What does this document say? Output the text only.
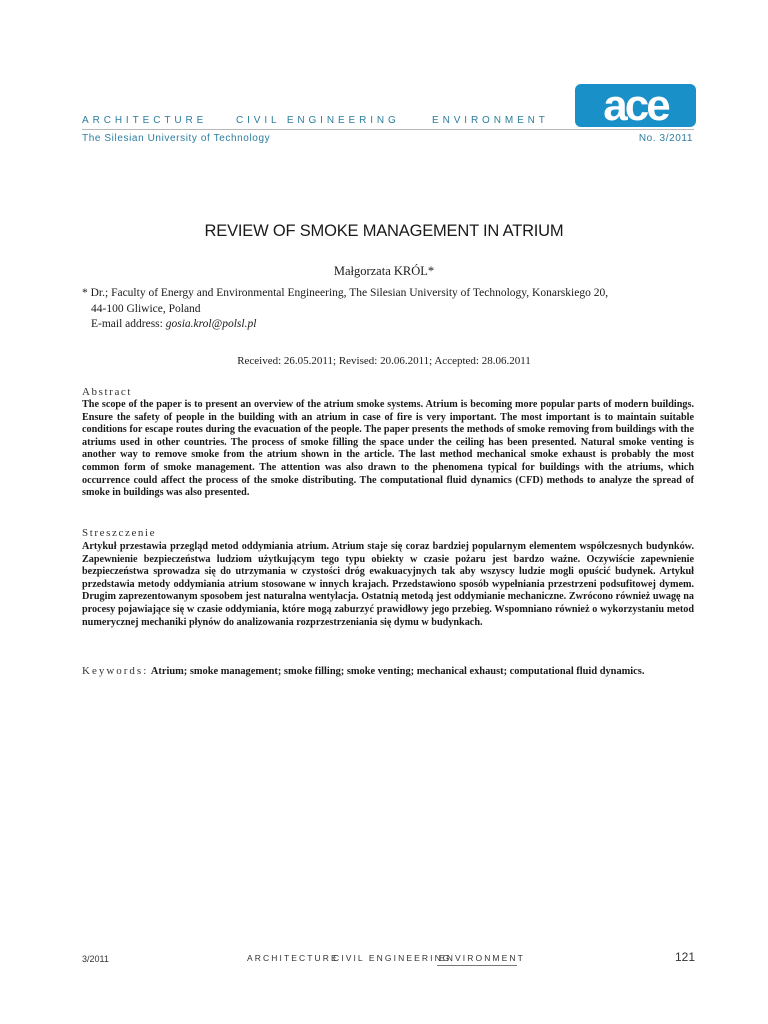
ARCHITECTURE	CIVIL ENGINEERING	ENVIRONMENT ace
The Silesian University of Technology	No. 3/2011
REVIEW OF SMOKE MANAGEMENT IN ATRIUM
Małgorzata KRÓL*
* Dr.; Faculty of Energy and Environmental Engineering, The Silesian University of Technology, Konarskiego 20,
44-100 Gliwice, Poland
E-mail address: gosia.krol@polsl.pl
Received: 26.05.2011; Revised: 20.06.2011; Accepted: 28.06.2011
Abstract
The scope of the paper is to present an overview of the atrium smoke systems. Atrium is becoming more popular parts of modern buildings. Ensure the safety of people in the building with an atrium in case of fire is very important. The most important is to maintain suitable conditions for escape routes during the evacuation of the people. The paper presents the methods of smoke removing from buildings with the atriums used in other countries. The process of smoke filling the space under the ceiling has been presented. Natural smoke venting is another way to remove smoke from the atrium shown in the article. The last method mechanical smoke exhaust is probably the most common form of smoke management. The attention was also drawn to the phenomena typical for buildings with the atriums, which occurrence could affect the process of the smoke distributing. The computational fluid dynamics (CFD) methods to analyze the spread of smoke in buildings was also presented.
Streszczenie
Artykuł przestawia przegląd metod oddymiania atrium. Atrium staje się coraz bardziej popularnym elementem współczesnych budynków. Zapewnienie bezpieczeństwa ludziom użytkującym tego typu obiekty w czasie pożaru jest bardzo ważne. Oczywiście zapewnienie bezpieczeństwa sprowadza się do utrzymania w czystości dróg ewakuacyjnych tak aby wszyscy ludzie mogli opuścić budynek. Artykuł przedstawia metody oddymiania atrium stosowane w innych krajach. Przedstawiono sposób wypełniania przestrzeni podsufitowej dymem. Drugim zaprezentowanym sposobem jest naturalna wentylacja. Ostatnią metodą jest oddymianie mechaniczne. Zwrócono również uwagę na procesy pojawiające się w czasie oddymiania, które mogą zaburzyć prawidłowy jego przebieg. Wspomniano również o wykorzystaniu metod numerycznej mechaniki płynów do analizowania rozprzestrzeniania się dymu w budynkach.
Keywords: Atrium; smoke management; smoke filling; smoke venting; mechanical exhaust; computational fluid dynamics.
3/2011	ARCHITECTURE
CIVIL ENGINEERING
ENVIRONMENT	121
